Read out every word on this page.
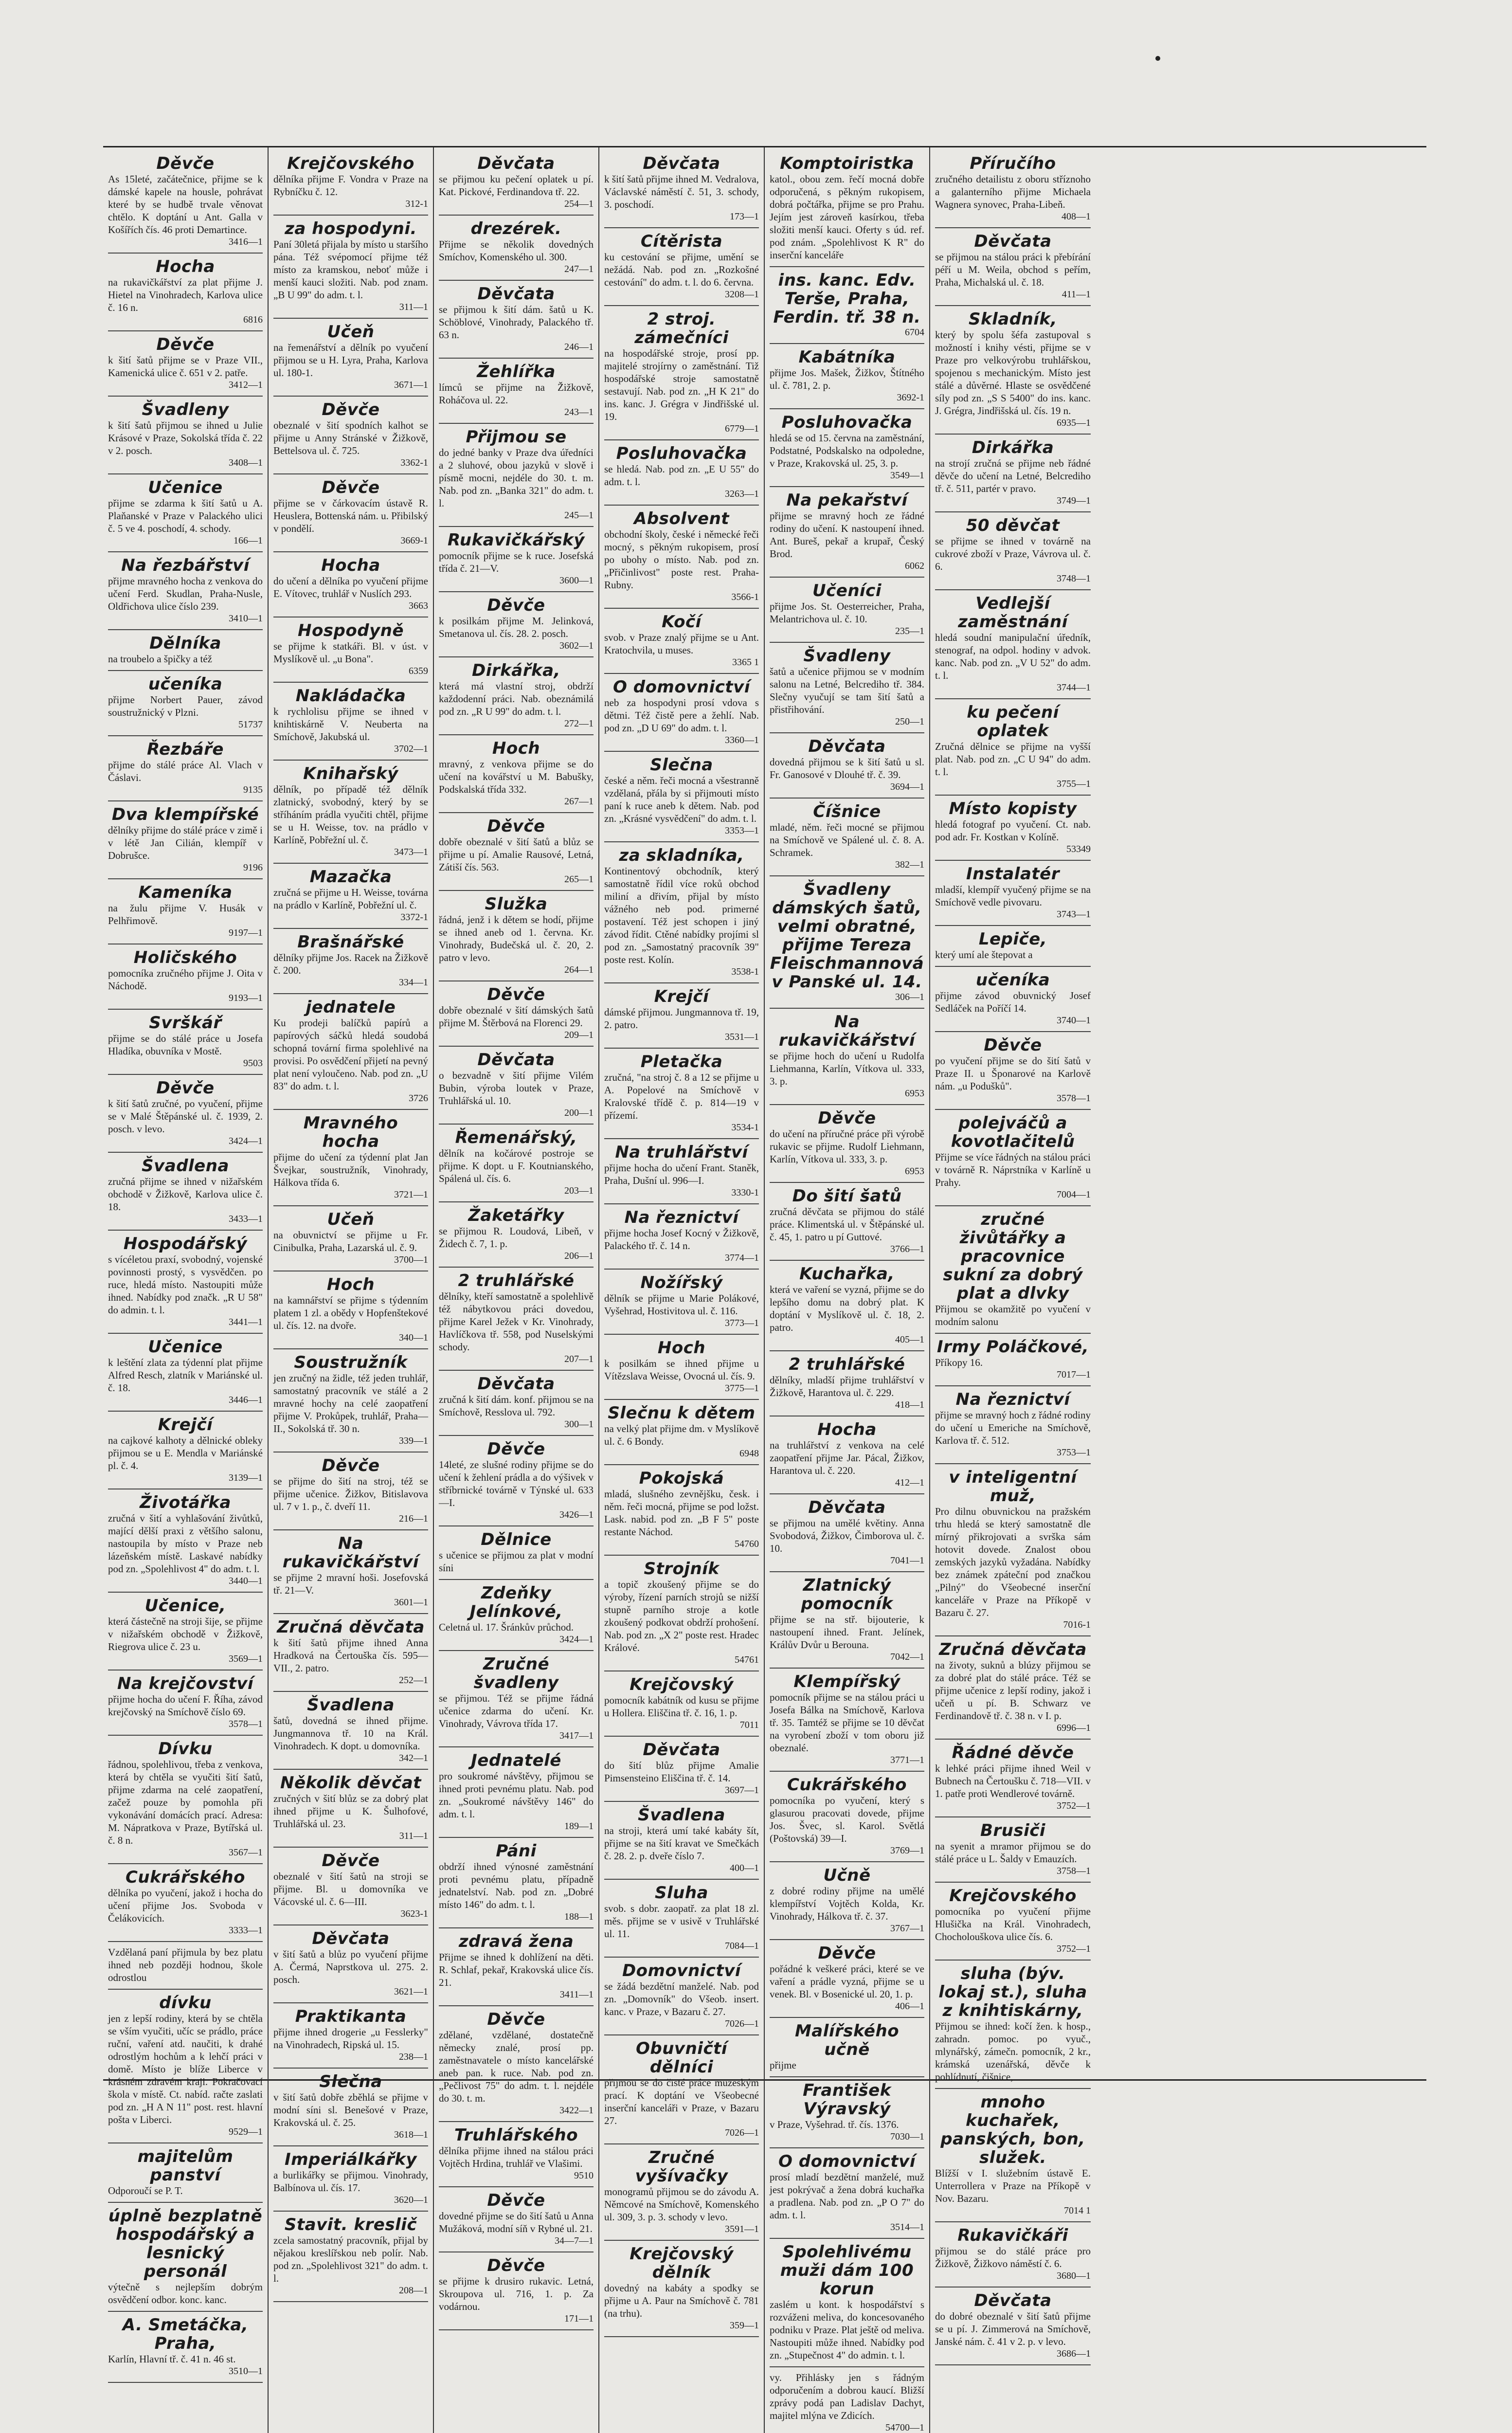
Děvče
As 15leté, začátečnice, přijme se k dámské kapele na housle, pohrávat které by se hudbě trvale věnovat chtělo. K doptání u Ant. Galla v Košířích čís. 46 proti Demartince.
3416—1
Hocha
na rukavičkářství za plat přijme J. Hietel na Vinohradech, Karlova ulice č. 16 n.
6816
Děvče
k šití šatů přijme se v Praze VII., Kamenická ulice č. 651 v 2. patře.
3412—1
Švadleny
k šití šatů přijmou se ihned u Julie Krásové v Praze, Sokolská třída č. 22 v 2. posch.
3408—1
Učenice
přijme se zdarma k šití šatů u A. Plaňanské v Praze v Palackého ulici č. 5 ve 4. poschodí, 4. schody.
166—1
Na řezbářství
přijme mravného hocha z venkova do učení Ferd. Skudlan, Praha-Nusle, Oldřichova ulice číslo 239.
3410—1
Dělníka
na troubelo a špičky a též
učeníka
přijme Norbert Pauer, závod soustružnický v Plzni.
51737
Řezbáře
přijme do stálé práce Al. Vlach v Čáslavi.
9135
Dva klempířské
dělníky přijme do stálé práce v zimě i v létě Jan Cilián, klempíř v Dobrušce.
9196
Kameníka
na žulu přijme V. Husák v Pelhřimově.
9197—1
Holičského
pomocníka zručného přijme J. Oita v Náchodě.
9193—1
Svrškář
přijme se do stálé práce u Josefa Hladíka, obuvníka v Mostě.
9503
Děvče
k šití šatů zručné, po vyučení, přijme se v Malé Štěpánské ul. č. 1939, 2. posch. v levo.
3424—1
Švadlena
zručná přijme se ihned v nižařském obchodě v Žižkově, Karlova ulice č. 18.
3433—1
Hospodářský
s vícéletou praxí, svobodný, vojenské povinnosti prostý, s vysvědčen. po ruce, hledá místo. Nastoupiti může ihned. Nabídky pod značk. „R U 58" do admin. t. l.
3441—1
Učenice
k leštění zlata za týdenní plat přijme Alfred Resch, zlatník v Mariánské ul. č. 18.
3446—1
Krejčí
na cajkové kalhoty a dělnické obleky přijmou se u E. Mendla v Mariánské pl. č. 4.
3139—1
Životářka
zručná v šití a vyhlašování živůtků, mající dělší praxi z většího salonu, nastoupila by místo v Praze neb lázeňském místě. Laskavé nabídky pod zn. „Spolehlivost 4" do adm. t. l.
3440—1
Učenice,
která částečně na stroji šije, se přijme v nižařském obchodě v Žižkově, Riegrova ulice č. 23 u.
3569—1
Na krejčovství
přijme hocha do učení F. Říha, závod krejčovský na Smíchově číslo 69.
3578—1
Dívku
řádnou, spolehlivou, třeba z venkova, která by chtěla se vyučiti šití šatů, přijme zdarma na celé zaopatření, začež pouze by pomohla při vykonávání domácích prací. Adresa: M. Nápratkova v Praze, Bytířská ul. č. 8 n.
3567—1
Cukrářského
dělníka po vyučení, jakož i hocha do učení přijme Jos. Svoboda v Čelákovicích.
3333—1
Vzdělaná paní přijmula by bez platu ihned neb později hodnou, škole odrostlou
dívku
jen z lepší rodiny, která by se chtěla se vším vyučiti, učíc se prádlo, práce ruční, vaření atd. naučiti, k drahé odrostlým hochům a k lehčí práci v domě. Místo je blíže Liberce v krásném zdravém kraji. Pokračovací škola v místě. Ct. nabíd. račte zaslati pod zn. „H A N 11" post. rest. hlavní pošta v Liberci.
9529—1
majitelům panství
Odporoučí se P. T.
úplně bezplatně hospodářský a lesnický personál
výtečně s nejlepším dobrým osvědčení odbor. konc. kanc.
A. Smetáčka, Praha,
Karlín, Hlavní tř. č. 41 n. 46 st.
3510—1
Krejčovského
dělníka přijme F. Vondra v Praze na Rybníčku č. 12.
312-1
za hospodyni.
Paní 30letá přijala by místo u staršího pána. Též svépomocí přijme též místo za kramskou, neboť může i menší kauci složiti. Nab. pod znam. „B U 99" do adm. t. l.
311—1
Učeň
na řemenářství a dělník po vyučení přijmou se u H. Lyra, Praha, Karlova ul. 180-1.
3671—1
Děvče
obeznalé v šití spodních kalhot se přijme u Anny Stránské v Žižkově, Bettelsova ul. č. 725.
3362-1
Děvče
přijme se v čárkovacím ústavě R. Heuslera, Bottenská nám. u. Přibilský v pondělí.
3669-1
Hocha
do učení a dělníka po vyučení přijme E. Vítovec, truhlář v Nuslích 293.
3663
Hospodyně
se přijme k statkáři. Bl. v úst. v Myslíkově ul. „u Bona".
6359
Nakládačka
k rychlolisu přijme se ihned v knihtiskárně V. Neuberta na Smíchově, Jakubská ul.
3702—1
Knihařský
dělník, po případě též dělník zlatnický, svobodný, který by se stříháním prádla vyučiti chtěl, přijme se u H. Weisse, tov. na prádlo v Karlíně, Pobřežní ul. č.
3473—1
Mazačka
zručná se přijme u H. Weisse, továrna na prádlo v Karlíně, Pobřežní ul. č.
3372-1
Brašnářské
dělníky přijme Jos. Racek na Žižkově č. 200.
334—1
jednatele
Ku prodeji balíčků papírů a papírových sáčků hledá soudobá schopná tovární firma spolehlivé na provisi. Po osvědčení přijetí na pevný plat není vyloučeno. Nab. pod zn. „U 83" do adm. t. l.
3726
Mravného hocha
přijme do učení za týdenní plat Jan Švejkar, soustružník, Vinohrady, Hálkova třída 6.
3721—1
Učeň
na obuvnictví se přijme u Fr. Cinibulka, Praha, Lazarská ul. č. 9.
3700—1
Hoch
na kamnářství se přijme s týdenním platem 1 zl. a obědy v Hopfenštekové ul. čís. 12. na dvoře.
340—1
Soustružník
jen zručný na židle, též jeden truhlář, samostatný pracovník ve stálé a 2 mravné hochy na celé zaopatření přijme V. Prokůpek, truhlář, Praha—II., Sokolská tř. 30 n.
339—1
Děvče
se přijme do šití na stroj, též se přijme učenice. Žižkov, Bitislavova ul. 7 v 1. p., č. dveří 11.
216—1
Na rukavičkářství
se přijme 2 mravní hoši. Josefovská tř. 21—V.
3601—1
Zručná děvčata
k šití šatů přijme ihned Anna Hradková na Čertouška čís. 595—VII., 2. patro.
252—1
Švadlena
šatů, dovedná se ihned přijme. Jungmannova tř. 10 na Král. Vinohradech. K dopt. u domovníka.
342—1
Několik děvčat
zručných v šití blůz se za dobrý plat ihned přijme u K. Šulhofové, Truhlářská ul. 23.
311—1
Děvče
obeznalé v šití šatů na stroji se přijme. Bl. u domovníka ve Vácovské ul. č. 6—III.
3623-1
Děvčata
v šití šatů a blůz po vyučení přijme A. Čermá, Naprstkova ul. 275. 2. posch.
3621—1
Praktikanta
přijme ihned drogerie „u Fesslerky" na Vinohradech, Ripská ul. 15.
238—1
Slečna
v šití šatů dobře zběhlá se přijme v modní síni sl. Benešové v Praze, Krakovská ul. č. 25.
3618—1
Imperiálkářky
a burlikářky se přijmou. Vinohrady, Balbínova ul. čís. 17.
3620—1
Stavit. kreslič
zcela samostatný pracovník, přijal by nějakou kreslířskou neb polír. Nab. pod zn. „Spolehlivost 321" do adm. t. l.
208—1
Děvčata
se přijmou ku pečení oplatek u pí. Kat. Pickové, Ferdinandova tř. 22.
254—1
drezérek.
Přijme se několik dovedných Smíchov, Komenského ul. 300.
247—1
Děvčata
se přijmou k šití dám. šatů u K. Schöblové, Vinohrady, Palackého tř. 63 n.
246—1
Žehlířka
límců se přijme na Žižkově, Roháčova ul. 22.
243—1
Přijmou se
do jedné banky v Praze dva úředníci a 2 sluhové, obou jazyků v slově i písmě mocni, nejdéle do 30. t. m. Nab. pod zn. „Banka 321" do adm. t. l.
245—1
Rukavičkářský
pomocník přijme se k ruce. Josefská třída č. 21—V.
3600—1
Děvče
k posilkám přijme M. Jelinková, Smetanova ul. čís. 28. 2. posch.
3602—1
Dirkářka,
která má vlastní stroj, obdrží každodenní práci. Nab. obeznámilá pod zn. „R U 99" do adm. t. l.
272—1
Hoch
mravný, z venkova přijme se do učení na kovářství u M. Babušky, Podskalská třída 332.
267—1
Děvče
dobře obeznalé v šití šatů a blůz se přijme u pí. Amalie Rausové, Letná, Zátiší čís. 563.
265—1
Služka
řádná, jenž i k dětem se hodí, přijme se ihned aneb od 1. června. Kr. Vinohrady, Budečská ul. č. 20, 2. patro v levo.
264—1
Děvče
dobře obeznalé v šití dámských šatů přijme M. Štěrbová na Florenci 29.
209—1
Děvčata
o bezvadně v šití přijme Vilém Bubin, výroba loutek v Praze, Truhlářská ul. 10.
200—1
Řemenářský,
dělník na kočárové postroje se přijme. K dopt. u F. Koutnianského, Spálená ul. čís. 6.
203—1
Žaketářky
se přijmou R. Loudová, Libeň, v Židech č. 7, 1. p.
206—1
2 truhlářské
dělníky, kteří samostatně a spolehlivě též nábytkovou práci dovedou, přijme Karel Ježek v Kr. Vinohrady, Havlíčkova tř. 558, pod Nuselskými schody.
207—1
Děvčata
zručná k šití dám. konf. přijmou se na Smíchově, Resslova ul. 792.
300—1
Děvče
14leté, ze slušné rodiny přijme se do učení k žehlení prádla a do výšivek v stříbrnické továrně v Týnské ul. 633—I.
3426—1
Dělnice
s učenice se přijmou za plat v modní síni
Zdeňky Jelínkové,
Celetná ul. 17. Šránkův průchod.
3424—1
Zručné švadleny
se přijmou. Též se přijme řádná učenice zdarma do učení. Kr. Vinohrady, Vávrova třída 17.
3417—1
Jednatelé
pro soukromé návštěvy, přijmou se ihned proti pevnému platu. Nab. pod zn. „Soukromé návštěvy 146" do adm. t. l.
189—1
Páni
obdrží ihned výnosné zaměstnání proti pevnému platu, případně jednatelství. Nab. pod zn. „Dobré místo 146" do adm. t. l.
188—1
zdravá žena
Přijme se ihned k dohlížení na děti. R. Schlaf, pekař, Krakovská ulice čís. 21.
3411—1
Děvče
zdělané, vzdělané, dostatečně německy znalé, prosí pp. zaměstnavatele o místo kancelářské aneb pan. k ruce. Nab. pod zn. „Pečlivost 75" do adm. t. l. nejdéle do 30. t. m.
3422—1
Truhlářského
dělníka přijme ihned na stálou práci Vojtěch Hrdina, truhlář ve Vlašimi.
9510
Děvče
dovedné přijme se do šití šatů u Anna Mužáková, modní síň v Rybné ul. 21.
34—7—1
Děvče
se přijme k drusiro rukavic. Letná, Skroupova ul. 716, 1. p. Za vodárnou.
171—1
Děvčata
k šití šatů přijme ihned M. Vedralova, Václavské náměstí č. 51, 3. schody, 3. poschodí.
173—1
Cítěrista
ku cestování se přijme, umění se nežádá. Nab. pod zn. „Rozkošné cestování" do adm. t. l. do 6. června.
3208—1
2 stroj. zámečníci
na hospodářské stroje, prosí pp. majitelé strojírny o zaměstnání. Tiž hospodářské stroje samostatně sestavují. Nab. pod zn. „H K 21" do ins. kanc. J. Grégra v Jindřišské ul. 19.
6779—1
Posluhovačka
se hledá. Nab. pod zn. „E U 55" do adm. t. l.
3263—1
Absolvent
obchodní školy, české i německé řeči mocný, s pěkným rukopisem, prosí po ubohy o místo. Nab. pod zn. „Přičinlivost" poste rest. Praha-Rubny.
3566-1
Kočí
svob. v Praze znalý přijme se u Ant. Kratochvila, u muses.
3365 1
O domovnictví
neb za hospodyni prosí vdova s dětmi. Též čistě pere a žehlí. Nab. pod zn. „D U 69" do adm. t. l.
3360—1
Slečna
české a něm. řeči mocná a všestranně vzdělaná, přála by si přijmouti místo paní k ruce aneb k dětem. Nab. pod zn. „Krásné vysvědčení" do adm. t. l.
3353—1
za skladníka,
Kontinentový obchodník, který samostatně řídil více roků obchod miliní a dřivím, přijal by místo vážného neb pod. primerné postavení. Též jest schopen i jiný závod řídit. Ctěné nabídky projími sl pod zn. „Samostatný pracovník 39" poste rest. Kolín.
3538-1
Krejčí
dámské přijmou. Jungmannova tř. 19, 2. patro.
3531—1
Pletačka
zručná, "na stroj č. 8 a 12 se přijme u A. Popelové na Smíchově v Kralovské třídě č. p. 814—19 v přízemí.
3534-1
Na truhlářství
přijme hocha do učení Frant. Staněk, Praha, Dušní ul. 996—I.
3330-1
Na řeznictví
přijme hocha Josef Kocný v Žižkově, Palackého tř. č. 14 n.
3774—1
Nožířský
dělník se přijme u Marie Polákové, Vyšehrad, Hostivitova ul. č. 116.
3773—1
Hoch
k posilkám se ihned přijme u Vítězslava Weisse, Ovocná ul. čís. 9.
3775—1
Slečnu k dětem
na velký plat přijme dm. v Myslíkově ul. č. 6 Bondy.
6948
Pokojská
mladá, slušného zevnějšku, česk. i něm. řeči mocná, přijme se pod ložst. Lask. nabid. pod zn. „B F 5" poste restante Náchod.
54760
Strojník
a topič zkoušený přijme se do výroby, řízení parních strojů se nižší stupně parního stroje a kotle zkoušený podkovat obdrží prohošení. Nab. pod zn. „X 2" poste rest. Hradec Králové.
54761
Krejčovský
pomocník kabátník od kusu se přijme u Hollera. Eliščina tř. č. 16, 1. p.
7011
Děvčata
do šití blůz přijme Amalie Pimsensteino Eliščina tř. č. 14.
3697—1
Švadlena
na stroji, která umí také kabáty šít, přijme se na šití kravat ve Smečkách č. 28. 2. p. dveře číslo 7.
400—1
Sluha
svob. s dobr. zaopatř. za plat 18 zl. měs. přijme se v usivě v Truhlářské ul. 11.
7084—1
Domovnictví
se žádá bezdětní manželé. Nab. pod zn. „Domovník" do Všeob. insert. kanc. v Praze, v Bazaru č. 27.
7026—1
Obuvničtí dělníci
přijmou se do čisté práce muzeským prací. K doptání ve Všeobecné inserční kanceláři v Praze, v Bazaru 27.
7026—1
Zručné vyšívačky
monogramů přijmou se do závodu A. Němcové na Smíchově, Komenského ul. 309, 3. p. 3. schody v levo.
3591—1
Krejčovský dělník
dovedný na kabáty a spodky se přijme u A. Paur na Smíchově č. 781 (na trhu).
359—1
Komptoiristka
katol., obou zem. řečí mocná dobře odporučená, s pěkným rukopisem, dobrá počtářka, přijme se pro Prahu. Jejím jest zároveň kasírkou, třeba složiti menší kauci. Oferty s úd. ref. pod znám. „Spolehlivost K R" do inserční kanceláře
ins. kanc. Edv. Terše, Praha, Ferdin. tř. 38 n.
6704
Kabátníka
přijme Jos. Mašek, Žižkov, Štítného ul. č. 781, 2. p.
3692-1
Posluhovačka
hledá se od 15. června na zaměstnání, Podstatné, Podskalsko na odpoledne, v Praze, Krakovská ul. 25, 3. p.
3549—1
Na pekařství
přijme se mravný hoch ze řádné rodiny do učení. K nastoupení ihned. Ant. Bureš, pekař a krupař, Český Brod.
6062
Učeníci
přijme Jos. St. Oesterreicher, Praha, Melantrichova ul. č. 10.
235—1
Švadleny
šatů a učenice přijmou se v modním salonu na Letné, Belcrediho tř. 384. Slečny vyučují se tam šití šatů a přistřihování.
250—1
Děvčata
dovedná přijmou se k šití šatů u sl. Fr. Ganosové v Dlouhé tř. č. 39.
3694—1
Číšnice
mladé, něm. řeči mocné se přijmou na Smíchově ve Spálené ul. č. 8. A. Schramek.
382—1
Švadleny dámských šatů, velmi obratné, přijme Tereza Fleischmannová v Panské ul. 14.
306—1
Na rukavičkářství
se přijme hoch do učení u Rudolfa Liehmanna, Karlín, Vítkova ul. 333, 3. p.
6953
Děvče
do učení na příručné práce při výrobě rukavic se přijme. Rudolf Liehmann, Karlín, Vítkova ul. 333, 3. p.
6953
Do šití šatů
zručná děvčata se přijmou do stálé práce. Klimentská ul. v Štěpánské ul. č. 45, 1. patro u pí Guttové.
3766—1
Kuchařka,
která ve vaření se vyzná, přijme se do lepšího domu na dobrý plat. K doptání v Myslíkově ul. č. 18, 2. patro.
405—1
2 truhlářské
dělníky, mladší přijme truhlářství v Žižkově, Harantova ul. č. 229.
418—1
Hocha
na truhlářství z venkova na celé zaopatření přijme Jar. Pácal, Žižkov, Harantova ul. č. 220.
412—1
Děvčata
se přijmou na umělé květiny. Anna Svobodová, Žižkov, Čimborova ul. č. 10.
7041—1
Zlatnický pomocník
přijme se na stř. bijouterie, k nastoupení ihned. Frant. Jelínek, Králův Dvůr u Berouna.
7042—1
Klempířský
pomocník přijme se na stálou práci u Josefa Bálka na Smíchově, Karlova tř. 35. Tamtéž se přijme se 10 děvčat na vyrobení zboží v tom oboru již obeznalé.
3771—1
Cukrářského
pomocníka po vyučení, který s glasurou pracovati dovede, přijme Jos. Švec, sl. Karol. Světlá (Poštovská) 39—I.
3769—1
Učně
z dobré rodiny přijme na umělé klempířství Vojtěch Kolda, Kr. Vinohrady, Hálkova tř. č. 37.
3767—1
Děvče
pořádné k veškeré práci, které se ve vaření a prádle vyzná, přijme se u venek. Bl. v Bosenické ul. 20, 1. p.
406—1
Malířského učně
přijme
František Výravský
v Praze, Vyšehrad. tř. čís. 1376.
7030—1
O domovnictví
prosí mladí bezdětní manželé, muž jest pokrývač a žena dobrá kuchařka a pradlena. Nab. pod zn. „P O 7" do adm. t. l.
3514—1
Spolehlivému muži dám 100 korun
zaslém u kont. k hospodářství s rozváženi meliva, do koncesovaného podniku v Praze. Plat ještě od meliva. Nastoupiti může ihned. Nabídky pod zn. „Stupečnost 4" do admin. t. l.
vy. Přihlásky jen s řádným odporučením a dobrou kaucí. Bližší zprávy podá pan Ladislav Dachyt, majitel mlýna ve Zdicích.
54700—1
Příručího
zručného detailistu z oboru stříznoho a galanterního přijme Michaela Wagnera synovec, Praha-Libeň.
408—1
Děvčata
se přijmou na stálou práci k přebírání péří u M. Weila, obchod s peřím, Praha, Michalská ul. č. 18.
411—1
Skladník,
který by spolu šéfa zastupoval s možností i knihy vésti, přijme se v Praze pro velkovýrobu truhlářskou, spojenou s mechanickým. Místo jest stálé a důvěrné. Hlaste se osvědčené síly pod zn. „S S 5400" do ins. kanc. J. Grégra, Jindřišská ul. čís. 19 n.
6935—1
Dirkářka
na strojí zručná se přijme neb řádné děvče do učení na Letné, Belcrediho tř. č. 511, partér v pravo.
3749—1
50 děvčat
se přijme se ihned v továrně na cukrové zboží v Praze, Vávrova ul. č. 6.
3748—1
Vedlejší zaměstnání
hledá soudní manipulační úředník, stenograf, na odpol. hodiny v advok. kanc. Nab. pod zn. „V U 52" do adm. t. l.
3744—1
ku pečení oplatek
Zručná dělnice se přijme na vyšší plat. Nab. pod zn. „C U 94" do adm. t. l.
3755—1
Místo kopisty
hledá fotograf po vyučení. Ct. nab. pod adr. Fr. Kostkan v Kolíně.
53349
Instalatér
mladší, klempíř vyučený přijme se na Smíchově vedle pivovaru.
3743—1
Lepiče,
který umí ale štepovat a
učeníka
přijme závod obuvnický Josef Sedláček na Poříčí 14.
3740—1
Děvče
po vyučení přijme se do šití šatů v Praze II. u Šponarové na Karlově nám. „u Podušků".
3578—1
polejváčů a kovotlačitelů
Přijme se více řádných na stálou práci v továrně R. Náprstníka v Karlíně u Prahy.
7004—1
zručné živůtářky a pracovnice sukní za dobrý plat a dlvky
Přijmou se okamžitě po vyučení v modním salonu
Irmy Poláčkové,
Příkopy 16.
7017—1
Na řeznictví
přijme se mravný hoch z řádné rodiny do učení u Emeriche na Smíchově, Karlova tř. č. 512.
3753—1
v inteligentní muž,
Pro dilnu obuvnickou na pražském trhu hledá se který samostatně dle mírný přikrojovati a svrška sám hotovit dovede. Znalost obou zemských jazyků vyžadána. Nabídky bez známek zpáteční pod značkou „Pilný" do Všeobecné inserční kanceláře v Praze na Příkopě v Bazaru č. 27.
7016-1
Zručná děvčata
na životy, suknů a blúzy přijmou se za dobré plat do stálé práce. Též se přijme učenice z lepší rodiny, jakož i učeň u pí. B. Schwarz ve Ferdinandově tř. č. 38 n. v I. p.
6996—1
Řádné děvče
k lehké práci přijme ihned Weil v Bubnech na Čertoušku č. 718—VII. v 1. patře proti Wendlerové továrně.
3752—1
Brusiči
na syenit a mramor přijmou se do stálé práce u L. Šaldy v Emauzích.
3758—1
Krejčovského
pomocníka po vyučení přijme Hlušička na Král. Vinohradech, Chocholouškova ulice čís. 6.
3752—1
sluha (býv. lokaj st.), sluha z knihtiskárny,
Přijmou se ihned: kočí žen. k hosp., zahradn. pomoc. po vyuč., mlynářský, zámečn. pomocník, 2 kr., krámská uzenářská, děvče k pohlídnutí, čišnice,
mnoho kuchařek, panských, bon, služek.
Blížší v I. služebním ústavě E. Unterrollera v Praze na Příkopě v Nov. Bazaru.
7014 1
Rukavičkáři
přijmou se do stálé práce pro Žižkově, Žižkovo náměstí č. 6.
3680—1
Děvčata
do dobré obeznalé v šití šatů přijme se u pí. J. Zimmerová na Smíchově, Janské nám. č. 41 v 2. p. v levo.
3686—1
